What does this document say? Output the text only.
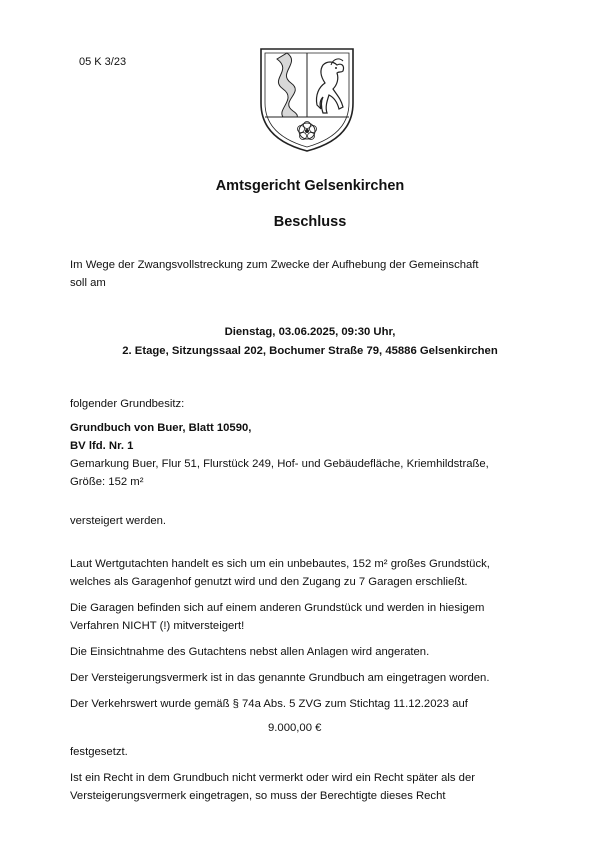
05 K 3/23
Amtsgericht Gelsenkirchen
Beschluss
Im Wege der Zwangsvollstreckung zum Zwecke der Aufhebung der Gemeinschaft
soll am
Dienstag, 03.06.2025, 09:30 Uhr,
2. Etage, Sitzungssaal 202, Bochumer Straße 79, 45886 Gelsenkirchen
folgender Grundbesitz:
Grundbuch von Buer, Blatt 10590,
BV lfd. Nr. 1
Gemarkung Buer, Flur 51, Flurstück 249, Hof- und Gebäudefläche, Kriemhildstraße,
Größe: 152 m²
versteigert werden.
Laut Wertgutachten handelt es sich um ein unbebautes, 152 m² großes Grundstück,
welches als Garagenhof genutzt wird und den Zugang zu 7 Garagen erschließt.
Die Garagen befinden sich auf einem anderen Grundstück und werden in hiesigem
Verfahren NICHT (!) mitversteigert!
Die Einsichtnahme des Gutachtens nebst allen Anlagen wird angeraten.
Der Versteigerungsvermerk ist in das genannte Grundbuch am eingetragen worden.
Der Verkehrswert wurde gemäß § 74a Abs. 5 ZVG zum Stichtag 11.12.2023 auf
9.000,00 €
festgesetzt.
Ist ein Recht in dem Grundbuch nicht vermerkt oder wird ein Recht später als der
Versteigerungsvermerk eingetragen, so muss der Berechtigte dieses Recht
